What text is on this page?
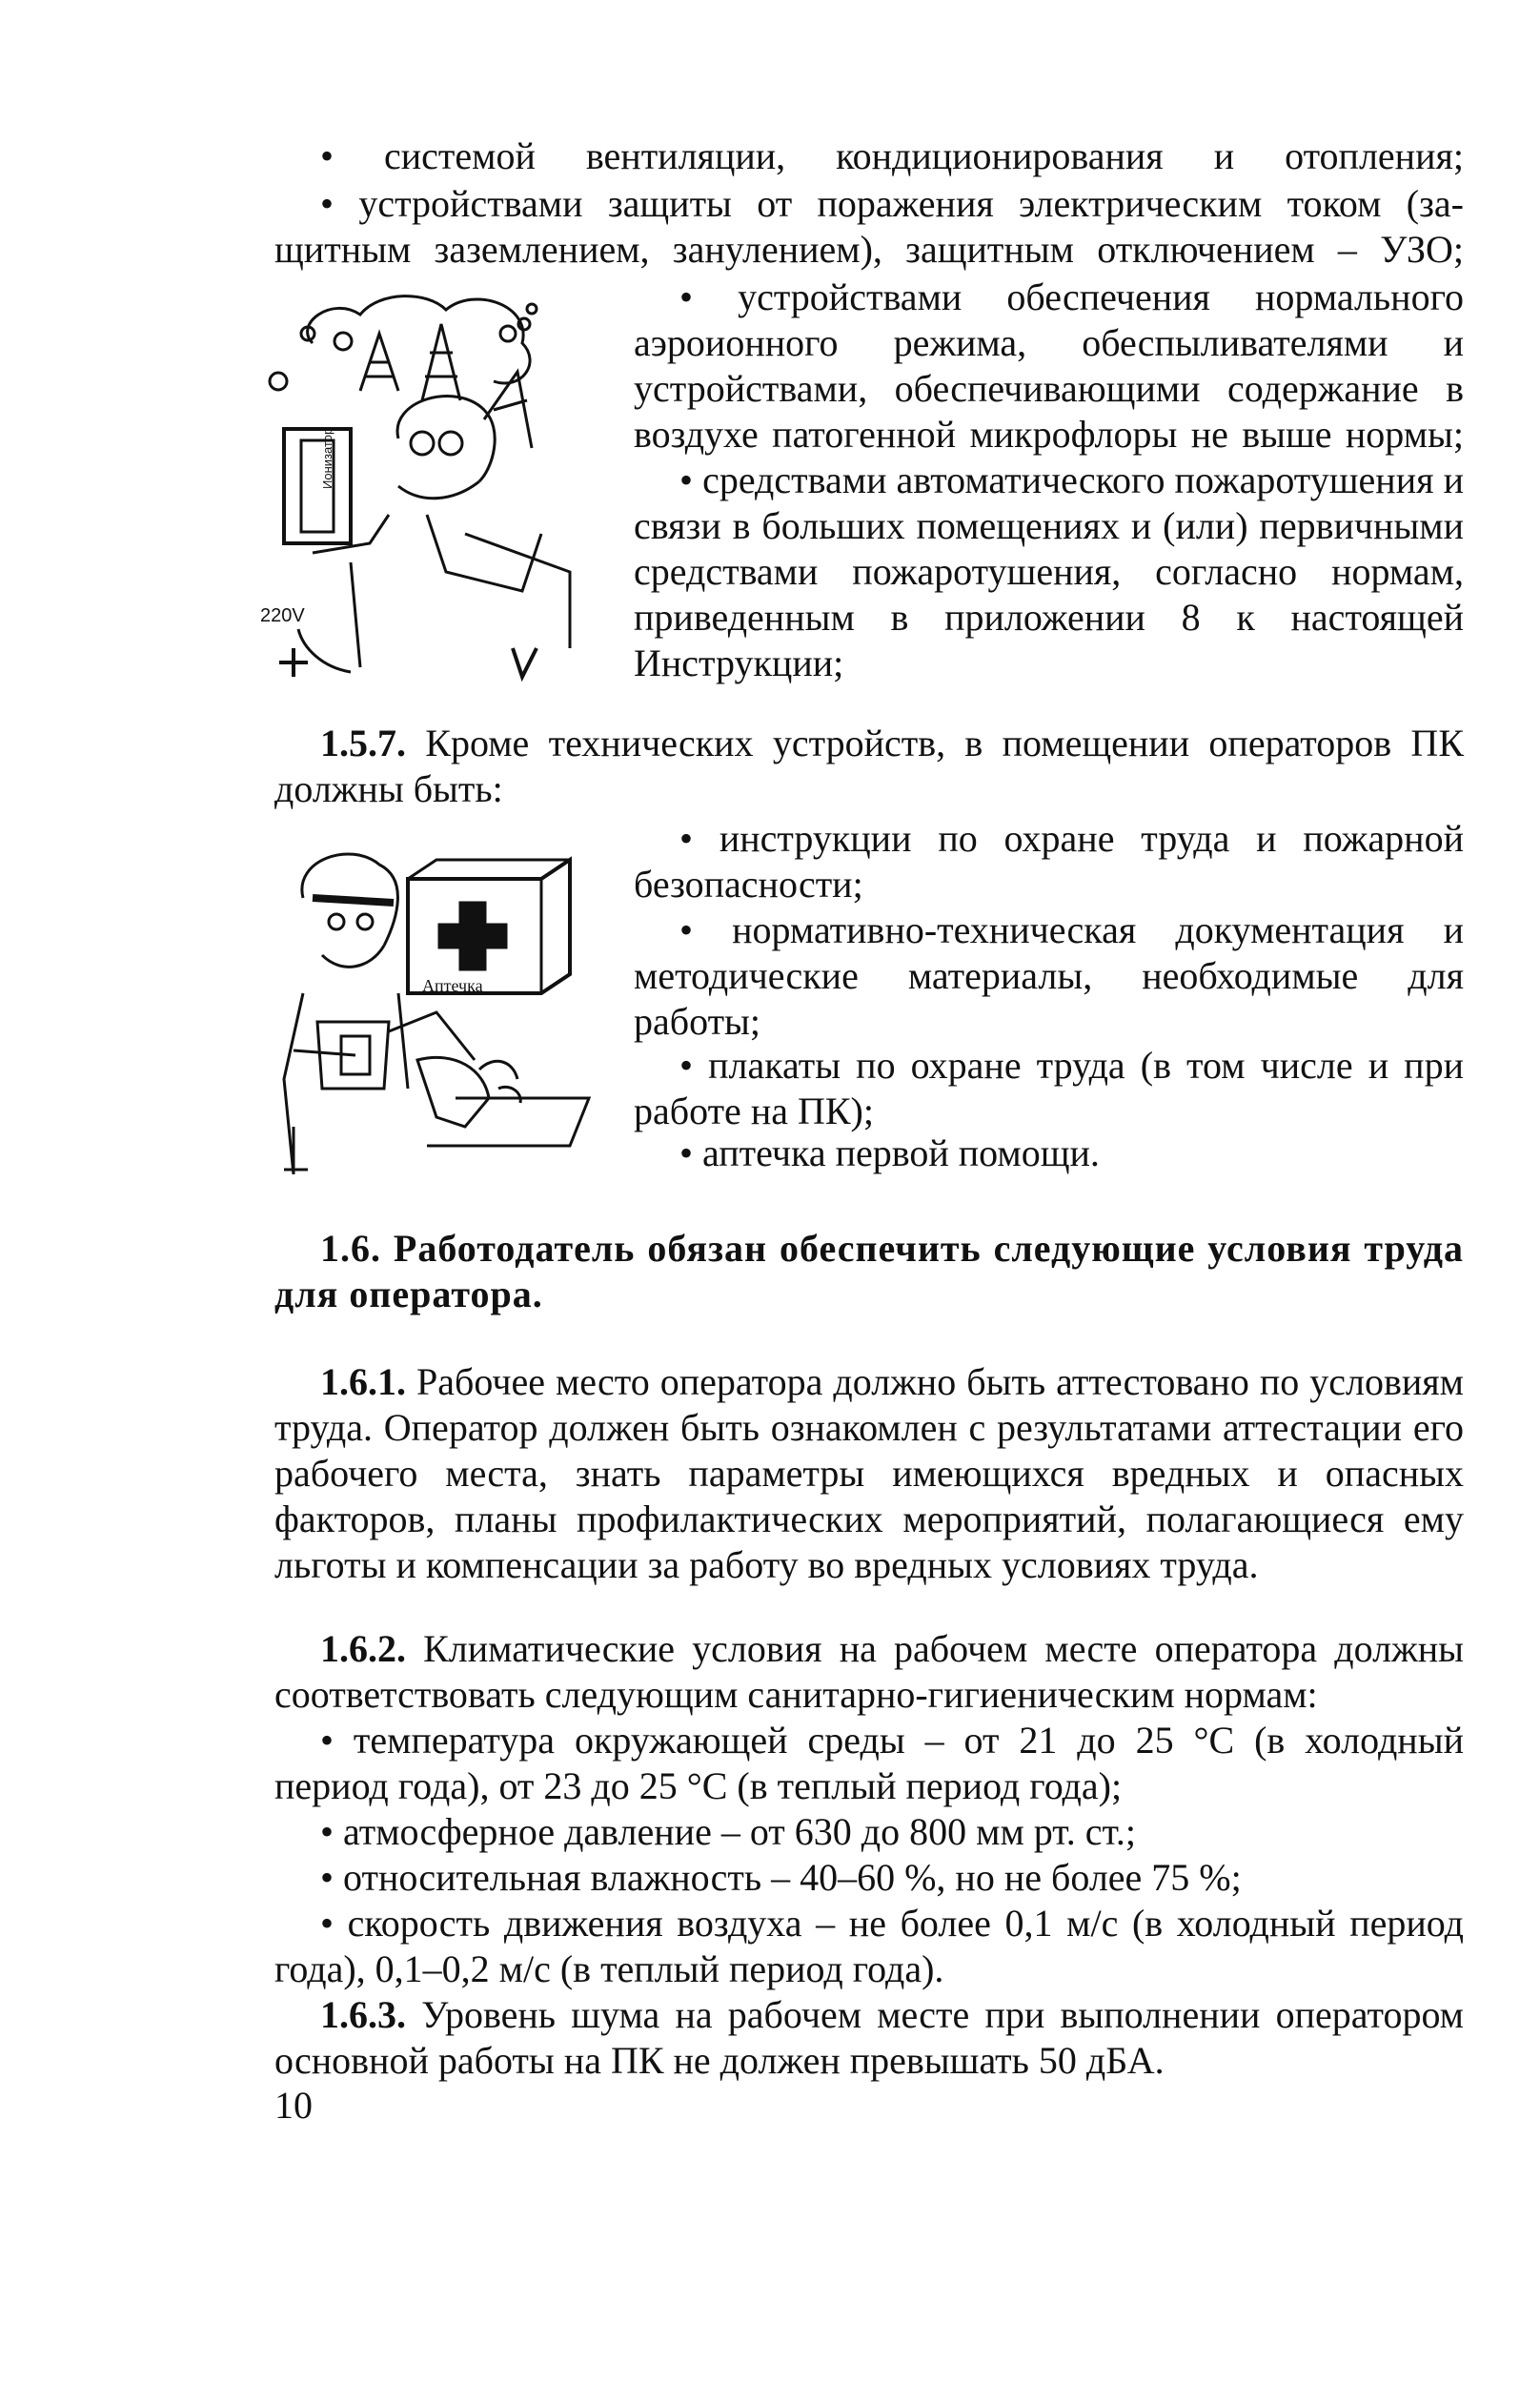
• системой вентиляции, кондиционирования и отопления;

• устройствами защиты от поражения электрическим током (за-

щитным заземлением, занулением), защитным отключением – УЗО;

Ионизатор
220V

• устройствами обеспечения нормального аэроионного режима, обеспыливателями и устройствами, обеспечивающими содержание в воздухе патогенной микрофлоры не выше нормы;

• средствами автоматического пожаротушения и связи в больших помещениях и (или) первичными средствами пожаротушения, согласно нормам, приведенным в приложении 8 к настоящей Инструкции;

1.5.7. Кроме технических устройств, в помещении операторов ПК должны быть:

Аптечка

• инструкции по охране труда и пожарной безопасности;

• нормативно-техническая документация и методические материалы, необходимые для работы;

• плакаты по охране труда (в том числе и при работе на ПК);

• аптечка первой помощи.

1.6. Работодатель обязан обеспечить следующие условия труда для оператора.

1.6.1. Рабочее место оператора должно быть аттестовано по условиям труда. Оператор должен быть ознакомлен с результатами аттестации его рабочего места, знать параметры имеющихся вредных и опасных факторов, планы профилактических мероприятий, полагающиеся ему льготы и компенсации за работу во вредных условиях труда.

1.6.2. Климатические условия на рабочем месте оператора должны соответствовать следующим санитарно-гигиеническим нормам:

• температура окружающей среды – от 21 до 25 °С (в холодный период года), от 23 до 25 °С (в теплый период года);

• атмосферное давление – от 630 до 800 мм рт. ст.;

• относительная влажность – 40–60 %, но не более 75 %;

• скорость движения воздуха – не более 0,1 м/с (в холодный период года), 0,1–0,2 м/с (в теплый период года).

1.6.3. Уровень шума на рабочем месте при выполнении оператором основной работы на ПК не должен превышать 50 дБА.

10
